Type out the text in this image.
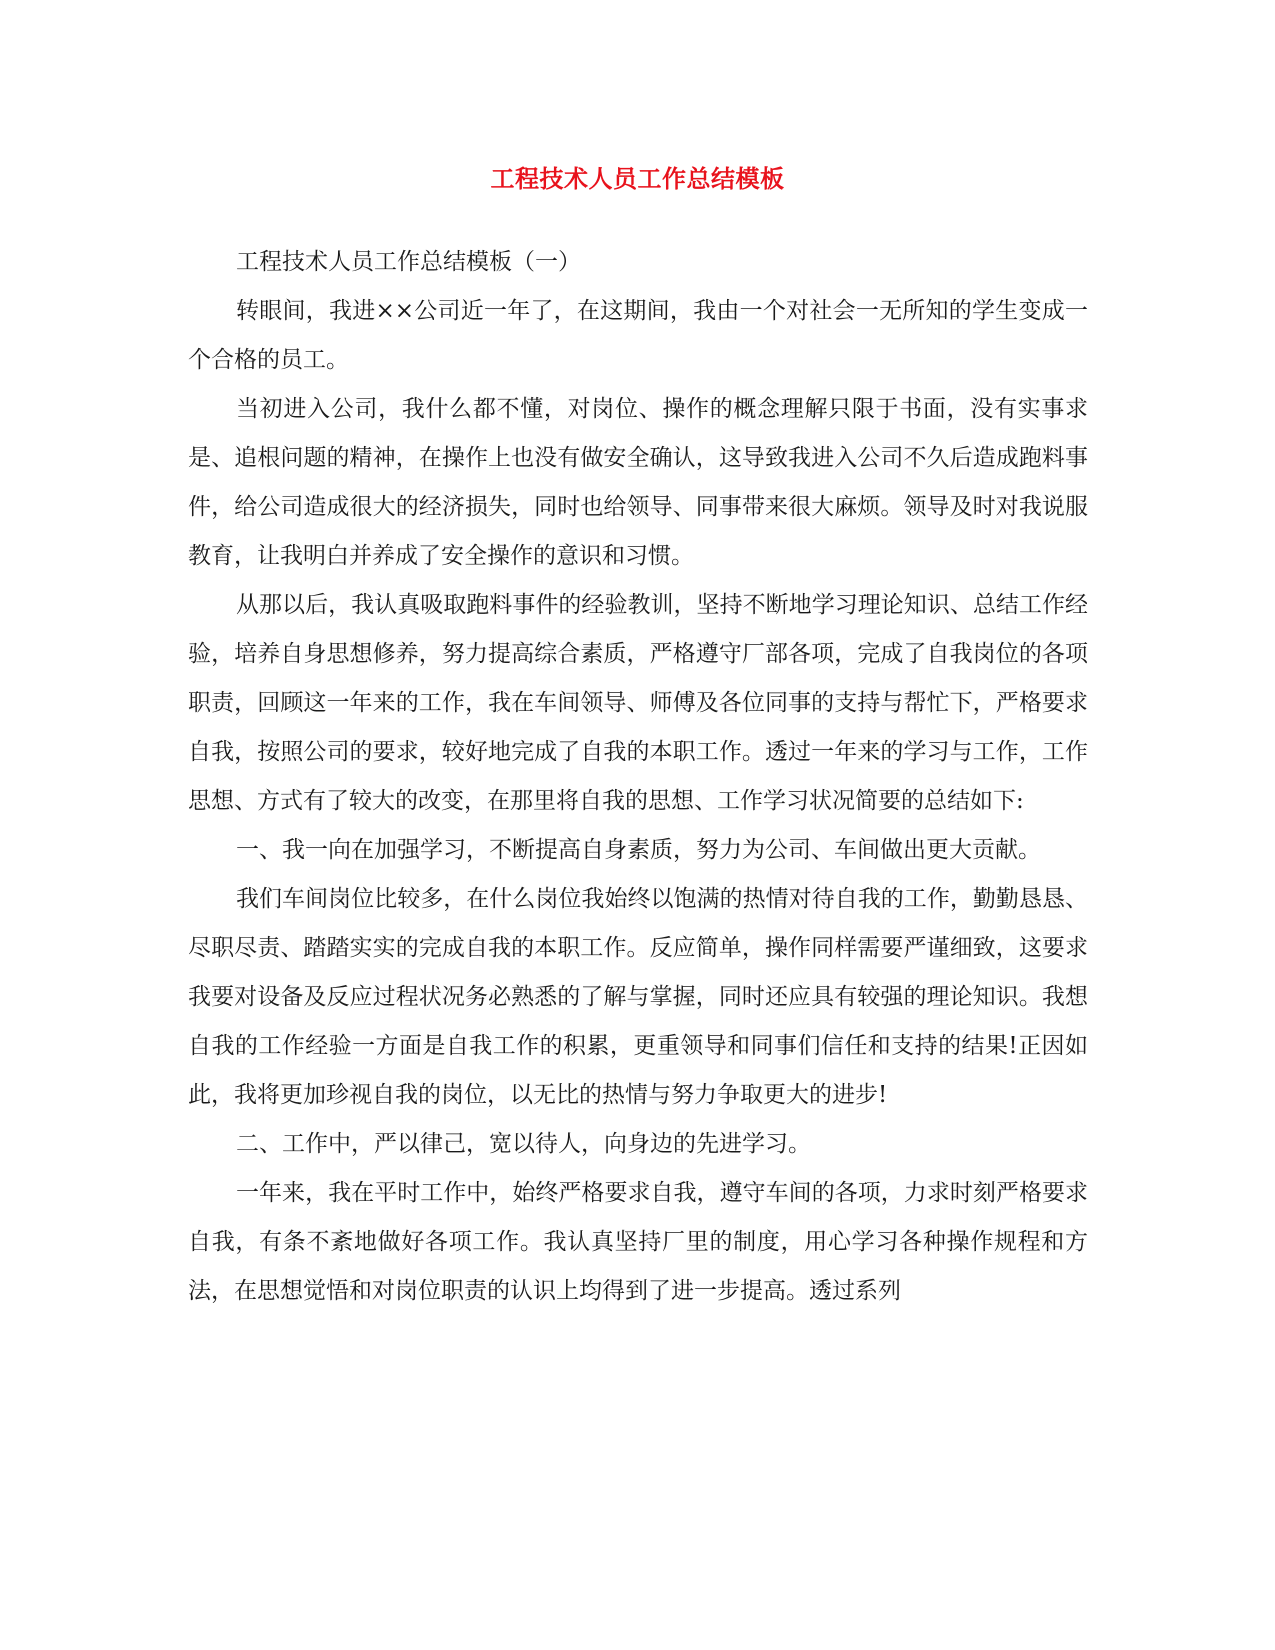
工程技术人员工作总结模板

工程技术人员工作总结模板（一）

转眼间，我进××公司近一年了，在这期间，我由一个对社会一无所知的学生变成一个合格的员工。

当初进入公司，我什么都不懂，对岗位、操作的概念理解只限于书面，没有实事求是、追根问题的精神，在操作上也没有做安全确认，这导致我进入公司不久后造成跑料事件，给公司造成很大的经济损失，同时也给领导、同事带来很大麻烦。领导及时对我说服教育，让我明白并养成了安全操作的意识和习惯。

从那以后，我认真吸取跑料事件的经验教训，坚持不断地学习理论知识、总结工作经验，培养自身思想修养，努力提高综合素质，严格遵守厂部各项，完成了自我岗位的各项职责，回顾这一年来的工作，我在车间领导、师傅及各位同事的支持与帮忙下，严格要求自我，按照公司的要求，较好地完成了自我的本职工作。透过一年来的学习与工作，工作思想、方式有了较大的改变，在那里将自我的思想、工作学习状况简要的总结如下:

一、我一向在加强学习，不断提高自身素质，努力为公司、车间做出更大贡献。

我们车间岗位比较多，在什么岗位我始终以饱满的热情对待自我的工作，勤勤恳恳、尽职尽责、踏踏实实的完成自我的本职工作。反应简单，操作同样需要严谨细致，这要求我要对设备及反应过程状况务必熟悉的了解与掌握，同时还应具有较强的理论知识。我想自我的工作经验一方面是自我工作的积累，更重领导和同事们信任和支持的结果!正因如此，我将更加珍视自我的岗位，以无比的热情与努力争取更大的进步!

二、工作中，严以律己，宽以待人，向身边的先进学习。

一年来，我在平时工作中，始终严格要求自我，遵守车间的各项，力求时刻严格要求自我，有条不紊地做好各项工作。我认真坚持厂里的制度，用心学习各种操作规程和方法，在思想觉悟和对岗位职责的认识上均得到了进一步提高。透过系列
